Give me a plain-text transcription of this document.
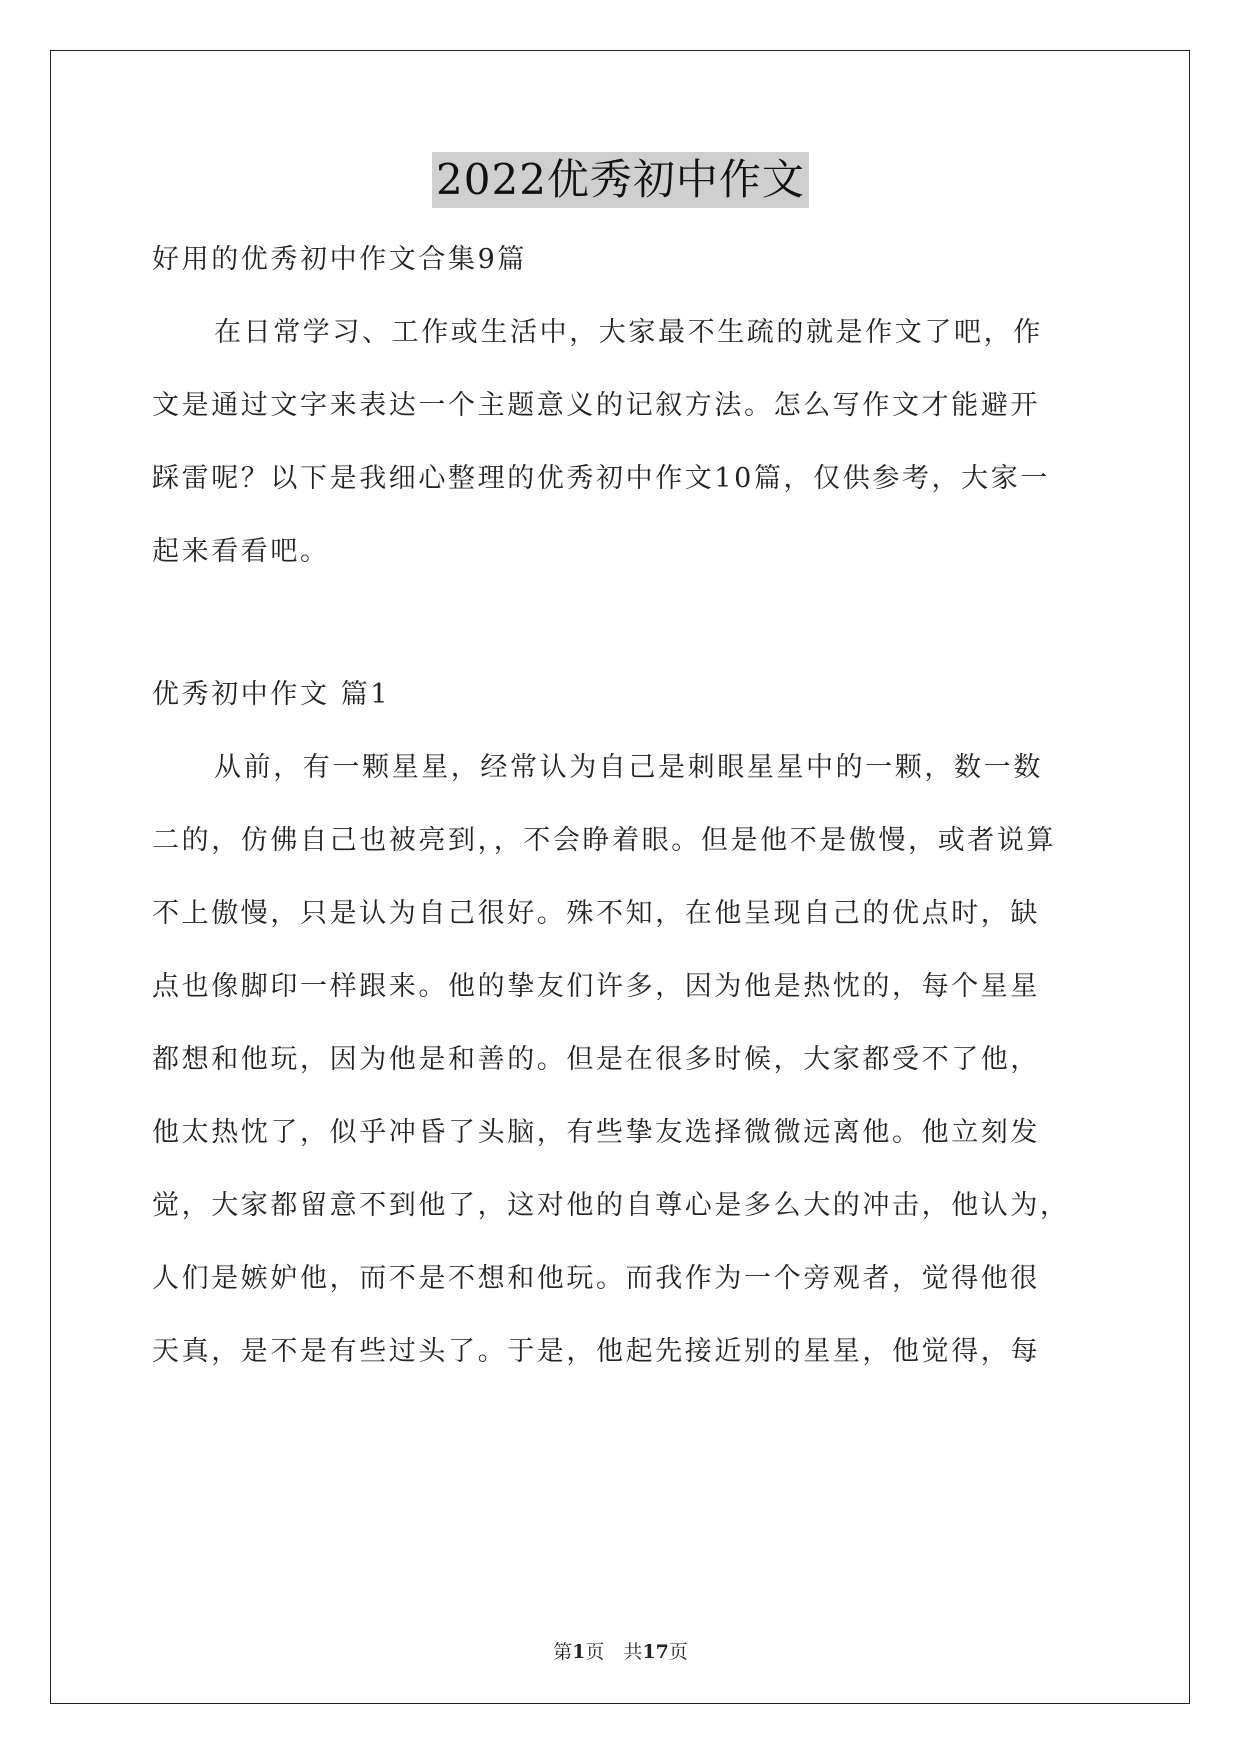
2022优秀初中作文
好用的优秀初中作文合集9篇
在日常学习、工作或生活中，大家最不生疏的就是作文了吧，作
文是通过文字来表达一个主题意义的记叙方法。怎么写作文才能避开
踩雷呢？以下是我细心整理的优秀初中作文10篇，仅供参考，大家一
起来看看吧。
优秀初中作文 篇1
从前，有一颗星星，经常认为自己是刺眼星星中的一颗，数一数
二的，仿佛自己也被亮到，，不会睁着眼。但是他不是傲慢，或者说算
不上傲慢，只是认为自己很好。殊不知，在他呈现自己的优点时，缺
点也像脚印一样跟来。他的挚友们许多，因为他是热忱的，每个星星
都想和他玩，因为他是和善的。但是在很多时候，大家都受不了他，
他太热忱了，似乎冲昏了头脑，有些挚友选择微微远离他。他立刻发
觉，大家都留意不到他了，这对他的自尊心是多么大的冲击，他认为，
人们是嫉妒他，而不是不想和他玩。而我作为一个旁观者，觉得他很
天真，是不是有些过头了。于是，他起先接近别的星星，他觉得，每
第1页　共17页
